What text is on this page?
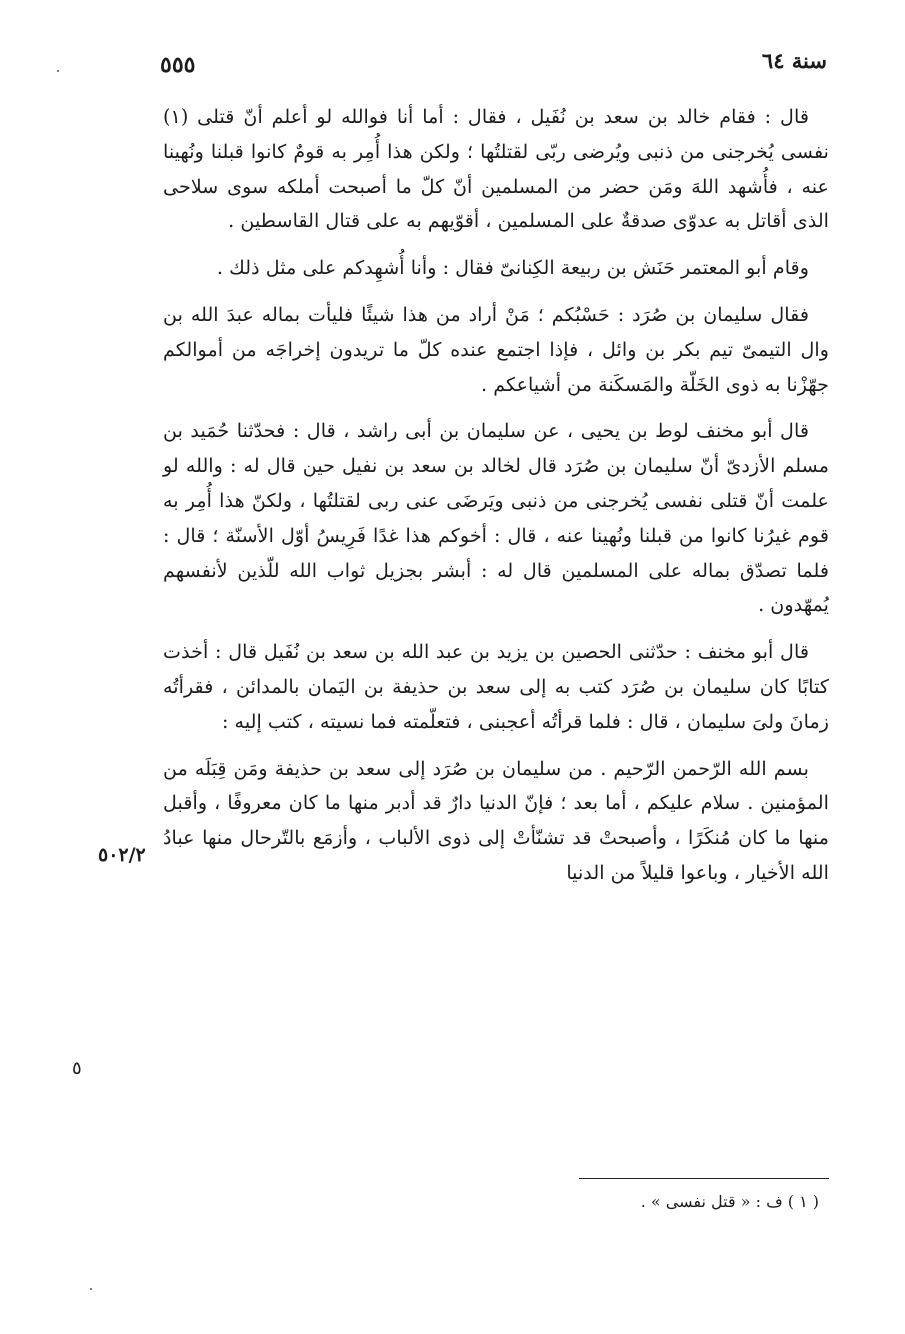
سنة ٦٤
٥٥٥

قال : فقام خالد بن سعد بن نُفَيل ، فقال : أما أنا فوالله لو أعلم أنّ قتلى (١) نفسى يُخرجنى من ذنبى ويُرضى ربّى لقتلتُها ؛ ولكن هذا أُمِر به قومٌ كانوا قبلنا ونُهينا عنه ، فأُشهد اللهَ ومَن حضر من المسلمين أنّ كلّ ما أصبحت أملكه سوى سلاحى الذى أقاتل به عدوّى صدقةٌ على المسلمين ، أقوّيهم به على قتال القاسطين .

وقام أبو المعتمر حَنَش بن ربيعة الكِنانىّ فقال : وأنا أُشهِدكم على مثل ذلك .

فقال سليمان بن صُرَد : حَسْبُكم ؛ مَنْ أراد من هذا شيئًا فليأت بماله عبدَ الله بن وال التيمىّ تيم بكر بن وائل ، فإذا اجتمع عنده كلّ ما تريدون إخراجَه من أموالكم جهّزْنا به ذوى الخَلّة والمَسكَنة من أشياعكم .

قال أبو مخنف لوط بن يحيى ، عن سليمان بن أبى راشد ، قال : فحدّثنا حُمَيد بن مسلم الأزدىّ أنّ سليمان بن صُرَد قال لخالد بن سعد بن نفيل حين قال له : والله لو علمت أنّ قتلى نفسى يُخرجنى من ذنبى ويَرضَى عنى ربى لقتلتُها ، ولكنّ هذا أُمِر به قوم غيرُنا كانوا من قبلنا ونُهينا عنه ، قال : أخوكم هذا غدًا فَرِيسُ أوّل الأسنّة ؛ قال : فلما تصدّق بماله على المسلمين قال له : أبشر بجزيل ثواب الله للّذين لأنفسهم يُمهّدون .

قال أبو مخنف : حدّثنى الحصين بن يزيد بن عبد الله بن سعد بن نُفَيل قال : أخذت كتابًا كان سليمان بن صُرَد كتب به إلى سعد بن حذيفة بن اليَمان بالمدائن ، فقرأتُه زمانَ ولىَ سليمان ، قال : فلما قرأتُه أعجبنى ، فتعلّمته فما نسيته ، كتب إليه :

بسم الله الرّحمن الرّحيم . من سليمان بن صُرَد إلى سعد بن حذيفة ومَن قِبَلَه من المؤمنين . سلام عليكم ، أما بعد ؛ فإنّ الدنيا دارٌ قد أدبر منها ما كان معروفًا ، وأقبل منها ما كان مُنكَرًا ، وأصبحتْ قد تشنّأتْ إلى ذوى الألباب ، وأزمَع بالتّرحال منها عبادُ الله الأخيار ، وباعوا قليلاً من الدنيا

٥٠٢/٢
٥
( ١ ) ف : « قتل نفسى » .
